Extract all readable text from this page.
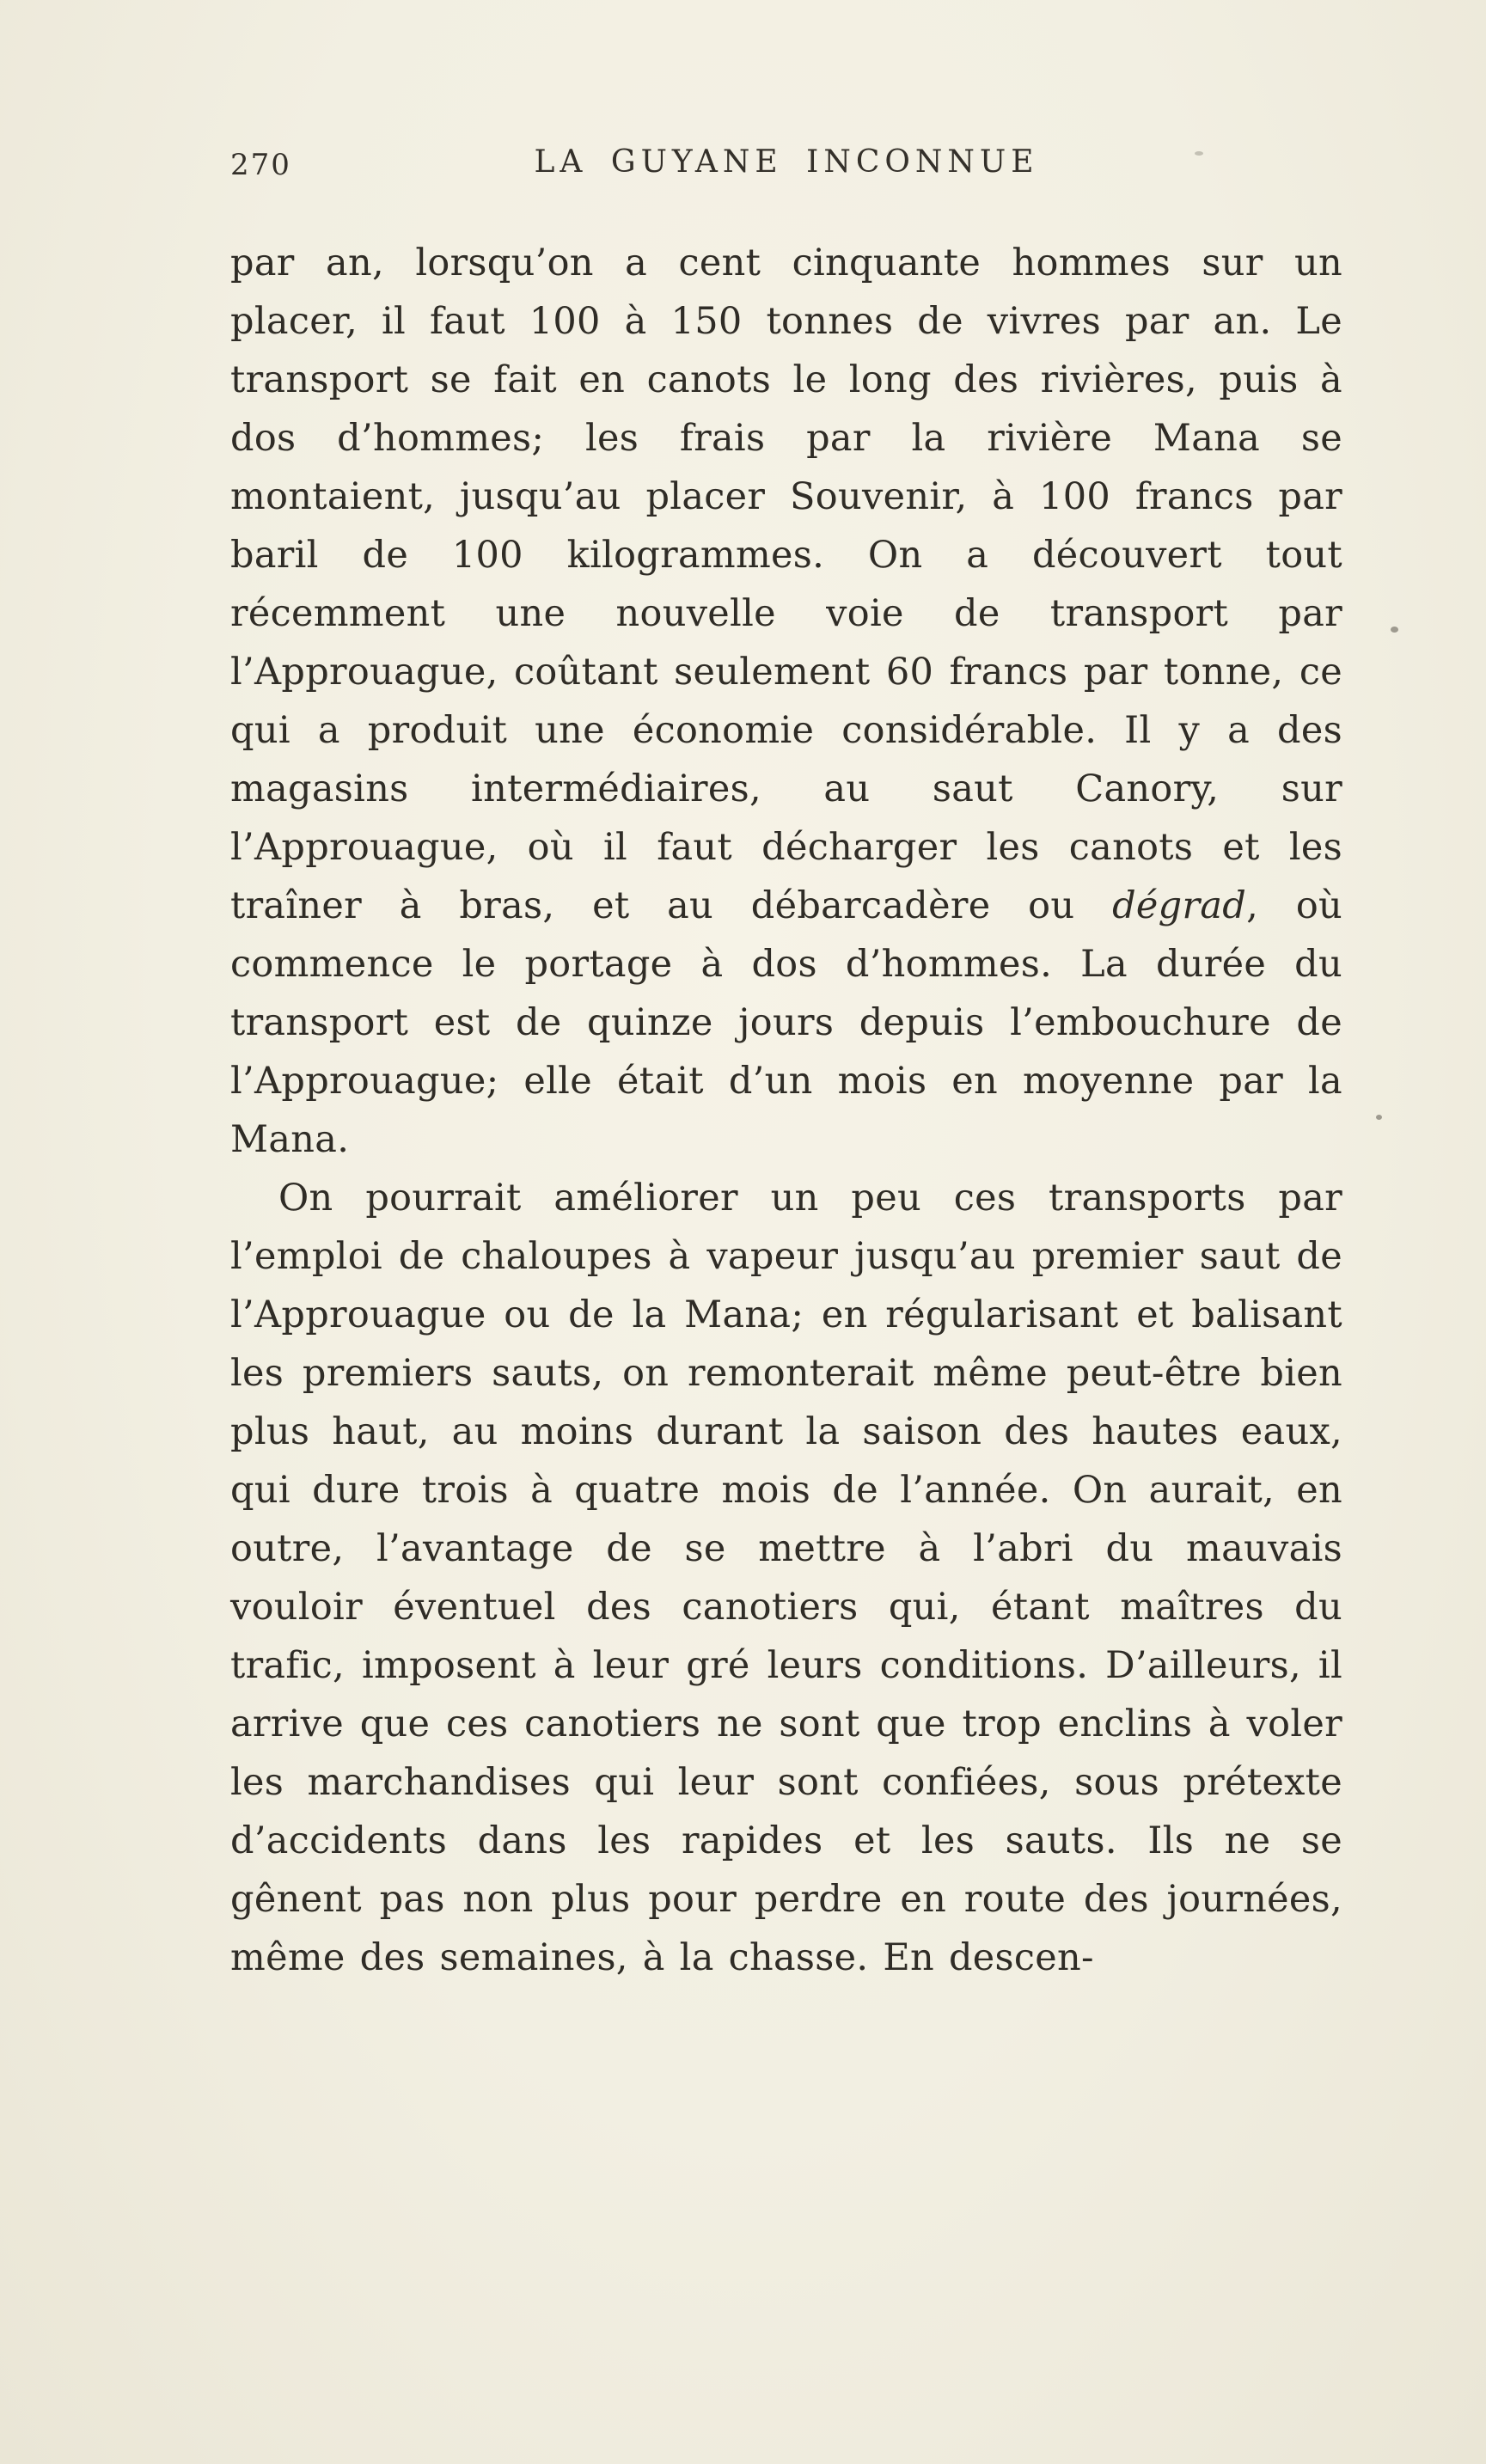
270	LA GUYANE INCONNUE

par an, lorsqu’on a cent cinquante hommes sur un placer, il faut 100 à 150 tonnes de vivres par an. Le transport se fait en canots le long des rivières, puis à dos d’hommes; les frais par la rivière Mana se montaient, jusqu’au placer Souvenir, à 100 francs par baril de 100 kilogrammes. On a découvert tout récemment une nouvelle voie de transport par l’Approuague, coûtant seulement 60 francs par tonne, ce qui a produit une économie considérable. Il y a des magasins intermédiaires, au saut Canory, sur l’Approuague, où il faut décharger les canots et les traîner à bras, et au débarcadère ou dégrad, où commence le portage à dos d’hommes. La durée du transport est de quinze jours depuis l’embouchure de l’Approuague; elle était d’un mois en moyenne par la Mana.

On pourrait améliorer un peu ces transports par l’emploi de chaloupes à vapeur jusqu’au premier saut de l’Approuague ou de la Mana; en régularisant et balisant les premiers sauts, on remonterait même peut-être bien plus haut, au moins durant la saison des hautes eaux, qui dure trois à quatre mois de l’année. On aurait, en outre, l’avantage de se mettre à l’abri du mauvais vouloir éventuel des canotiers qui, étant maîtres du trafic, imposent à leur gré leurs conditions. D’ailleurs, il arrive que ces canotiers ne sont que trop enclins à voler les marchandises qui leur sont confiées, sous prétexte d’accidents dans les rapides et les sauts. Ils ne se gênent pas non plus pour perdre en route des journées, même des semaines, à la chasse. En descen-
